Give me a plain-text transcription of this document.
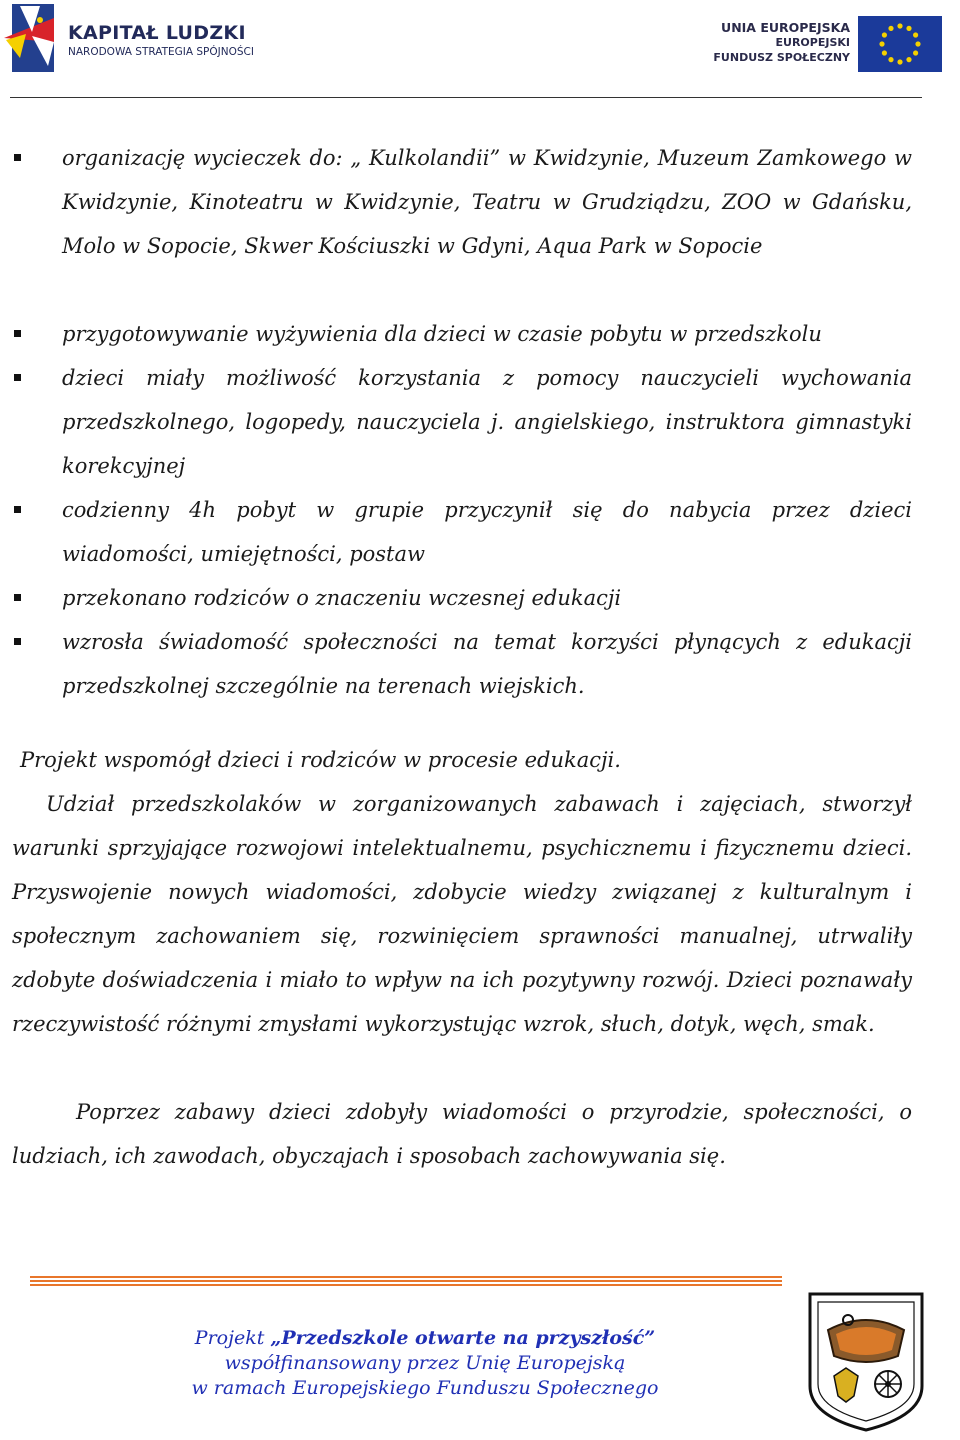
KAPITAŁ LUDZKI
NARODOWA STRATEGIA SPÓJNOŚCI
UNIA EUROPEJSKA
EUROPEJSKI
FUNDUSZ SPOŁECZNY
organizację wycieczek do: „ Kulkolandii” w Kwidzynie, Muzeum Zamkowego w Kwidzynie, Kinoteatru w Kwidzynie, Teatru w Grudziądzu, ZOO w Gdańsku, Molo w Sopocie, Skwer Kościuszki w Gdyni, Aqua Park w Sopocie
przygotowywanie wyżywienia dla dzieci w czasie pobytu w przedszkolu
dzieci miały możliwość korzystania z pomocy nauczycieli wychowania przedszkolnego, logopedy, nauczyciela j. angielskiego, instruktora gimnastyki korekcyjnej
codzienny 4h pobyt w grupie przyczynił się do nabycia przez dzieci wiadomości, umiejętności, postaw
przekonano rodziców o znaczeniu wczesnej edukacji
wzrosła świadomość społeczności na temat korzyści płynących z edukacji przedszkolnej szczególnie na terenach wiejskich.
Projekt wspomógł dzieci i rodziców w procesie edukacji.
Udział przedszkolaków w zorganizowanych zabawach i zajęciach, stworzył warunki sprzyjające rozwojowi intelektualnemu, psychicznemu i fizycznemu dzieci. Przyswojenie nowych wiadomości, zdobycie wiedzy związanej z kulturalnym i społecznym zachowaniem się, rozwinięciem sprawności manualnej, utrwaliły zdobyte doświadczenia i miało to wpływ na ich pozytywny rozwój. Dzieci poznawały rzeczywistość różnymi zmysłami wykorzystując wzrok, słuch, dotyk, węch, smak.
Poprzez zabawy dzieci zdobyły wiadomości o przyrodzie, społeczności, o ludziach, ich zawodach, obyczajach i sposobach zachowywania się.
Projekt „Przedszkole otwarte na przyszłość”
współfinansowany przez Unię Europejską
w ramach Europejskiego Funduszu Społecznego
